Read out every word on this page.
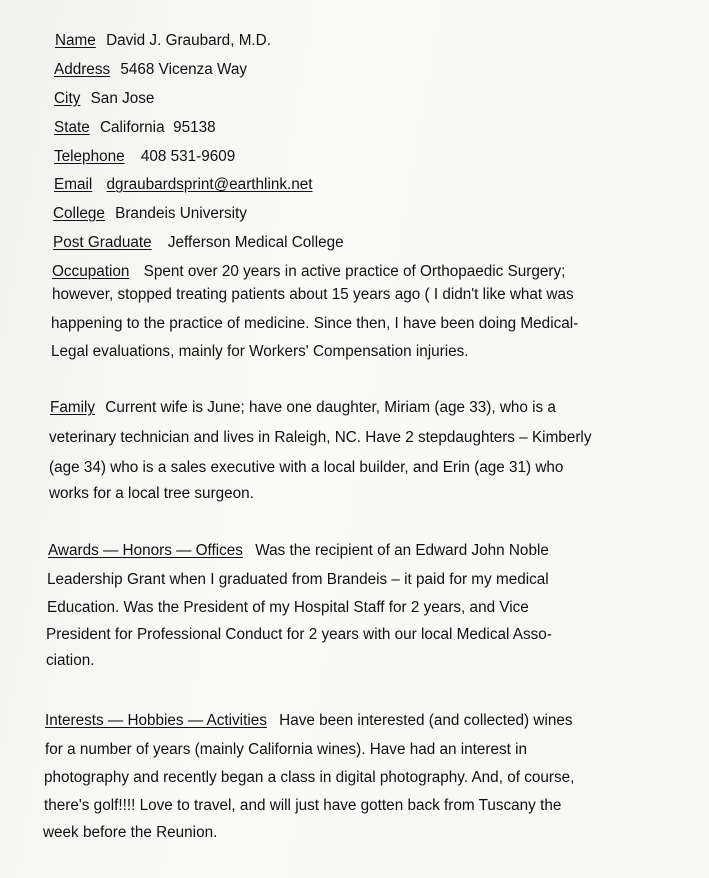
Name David J. Graubard, M.D.
Address 5468 Vicenza Way
City San Jose
State California  95138
Telephone 408 531-9609
Email dgraubardsprint@earthlink.net
College Brandeis University
Post Graduate Jefferson Medical College
Occupation Spent over 20 years in active practice of Orthopaedic Surgery;
however, stopped treating patients about 15 years ago ( I didn't like what was
happening to the practice of medicine. Since then, I have been doing Medical-
Legal evaluations, mainly for Workers' Compensation injuries.
Family Current wife is June; have one daughter, Miriam (age 33), who is a
veterinary technician and lives in Raleigh, NC. Have 2 stepdaughters – Kimberly
(age 34) who is a sales executive with a local builder, and Erin (age 31) who
works for a local tree surgeon.
Awards — Honors — Offices Was the recipient of an Edward John Noble
Leadership Grant when I graduated from Brandeis – it paid for my medical
Education. Was the President of my Hospital Staff for 2 years, and Vice
President for Professional Conduct for 2 years with our local Medical Asso-
ciation.
Interests — Hobbies — Activities Have been interested (and collected) wines
for a number of years (mainly California wines). Have had an interest in
photography and recently began a class in digital photography. And, of course,
there's golf!!!! Love to travel, and will just have gotten back from Tuscany the
week before the Reunion.
